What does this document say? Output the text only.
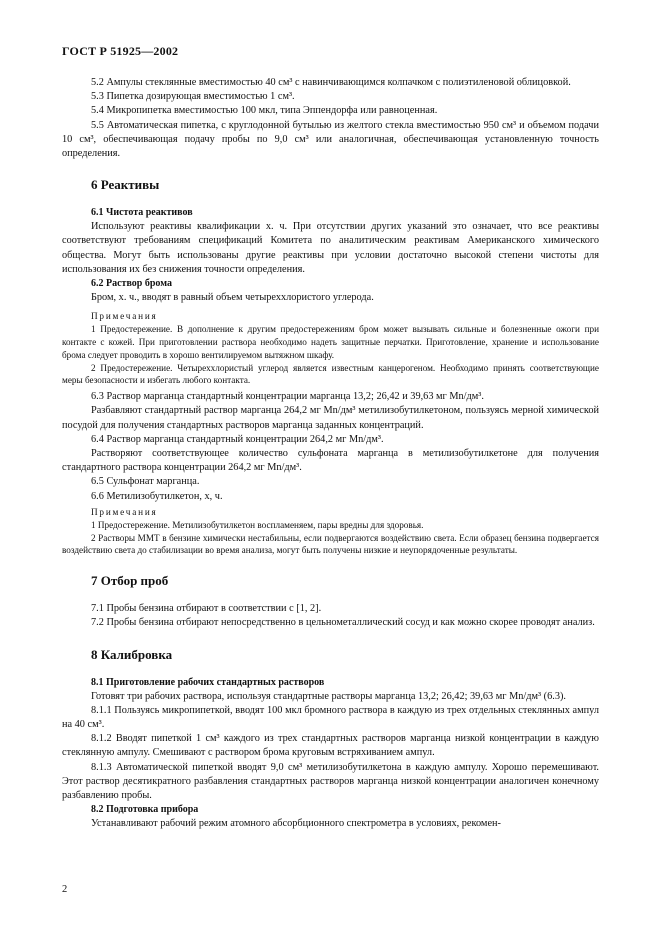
ГОСТ Р 51925—2002

5.2 Ампулы стеклянные вместимостью 40 см³ с навинчивающимся колпачком с полиэтиленовой облицовкой.

5.3 Пипетка дозирующая вместимостью 1 см³.

5.4 Микропипетка вместимостью 100 мкл, типа Эппендорфа или равноценная.

5.5 Автоматическая пипетка, с круглодонной бутылью из желтого стекла вместимостью 950 см³ и объемом подачи 10 см³, обеспечивающая подачу пробы по 9,0 см³ или аналогичная, обеспечивающая установленную точность определения.

6 Реактивы

6.1 Чистота реактивов

Используют реактивы квалификации х. ч. При отсутствии других указаний это означает, что все реактивы соответствуют требованиям спецификаций Комитета по аналитическим реактивам Американского химического общества. Могут быть использованы другие реактивы при условии достаточно высокой степени чистоты для использования их без снижения точности определения.

6.2 Раствор брома

Бром, х. ч., вводят в равный объем четыреххлористого углерода.

Примечания

1 Предостережение. В дополнение к другим предостережениям бром может вызывать сильные и болезненные ожоги при контакте с кожей. При приготовлении раствора необходимо надеть защитные перчатки. Приготовление, хранение и использование брома следует проводить в хорошо вентилируемом вытяжном шкафу.

2 Предостережение. Четыреххлористый углерод является известным канцерогеном. Необходимо принять соответствующие меры безопасности и избегать любого контакта.

6.3 Раствор марганца стандартный концентрации марганца 13,2; 26,42 и 39,63 мг Mn/дм³.

Разбавляют стандартный раствор марганца 264,2 мг Mn/дм³ метилизобутилкетоном, пользуясь мерной химической посудой для получения стандартных растворов марганца заданных концентраций.

6.4 Раствор марганца стандартный концентрации 264,2 мг Mn/дм³.

Растворяют соответствующее количество сульфоната марганца в метилизобутилкетоне для получения стандартного раствора концентрации 264,2 мг Mn/дм³.

6.5 Сульфонат марганца.

6.6 Метилизобутилкетон, х, ч.

Примечания

1 Предостережение. Метилизобутилкетон воспламеняем, пары вредны для здоровья.

2 Растворы ММТ в бензине химически нестабильны, если подвергаются воздействию света. Если образец бензина подвергается воздействию света до стабилизации во время анализа, могут быть получены низкие и неупорядоченные результаты.

7 Отбор проб

7.1 Пробы бензина отбирают в соответствии с [1, 2].

7.2 Пробы бензина отбирают непосредственно в цельнометаллический сосуд и как можно скорее проводят анализ.

8 Калибровка

8.1 Приготовление рабочих стандартных растворов

Готовят три рабочих раствора, используя стандартные растворы марганца 13,2; 26,42; 39,63 мг Mn/дм³ (6.3).

8.1.1 Пользуясь микропипеткой, вводят 100 мкл бромного раствора в каждую из трех отдельных стеклянных ампул на 40 см³.

8.1.2 Вводят пипеткой 1 см³ каждого из трех стандартных растворов марганца низкой концентрации в каждую стеклянную ампулу. Смешивают с раствором брома круговым встряхиванием ампул.

8.1.3 Автоматической пипеткой вводят 9,0 см³ метилизобутилкетона в каждую ампулу. Хорошо перемешивают. Этот раствор десятикратного разбавления стандартных растворов марганца низкой концентрации аналогичен конечному разбавлению пробы.

8.2 Подготовка прибора

Устанавливают рабочий режим атомного абсорбционного спектрометра в условиях, рекомен-

2
